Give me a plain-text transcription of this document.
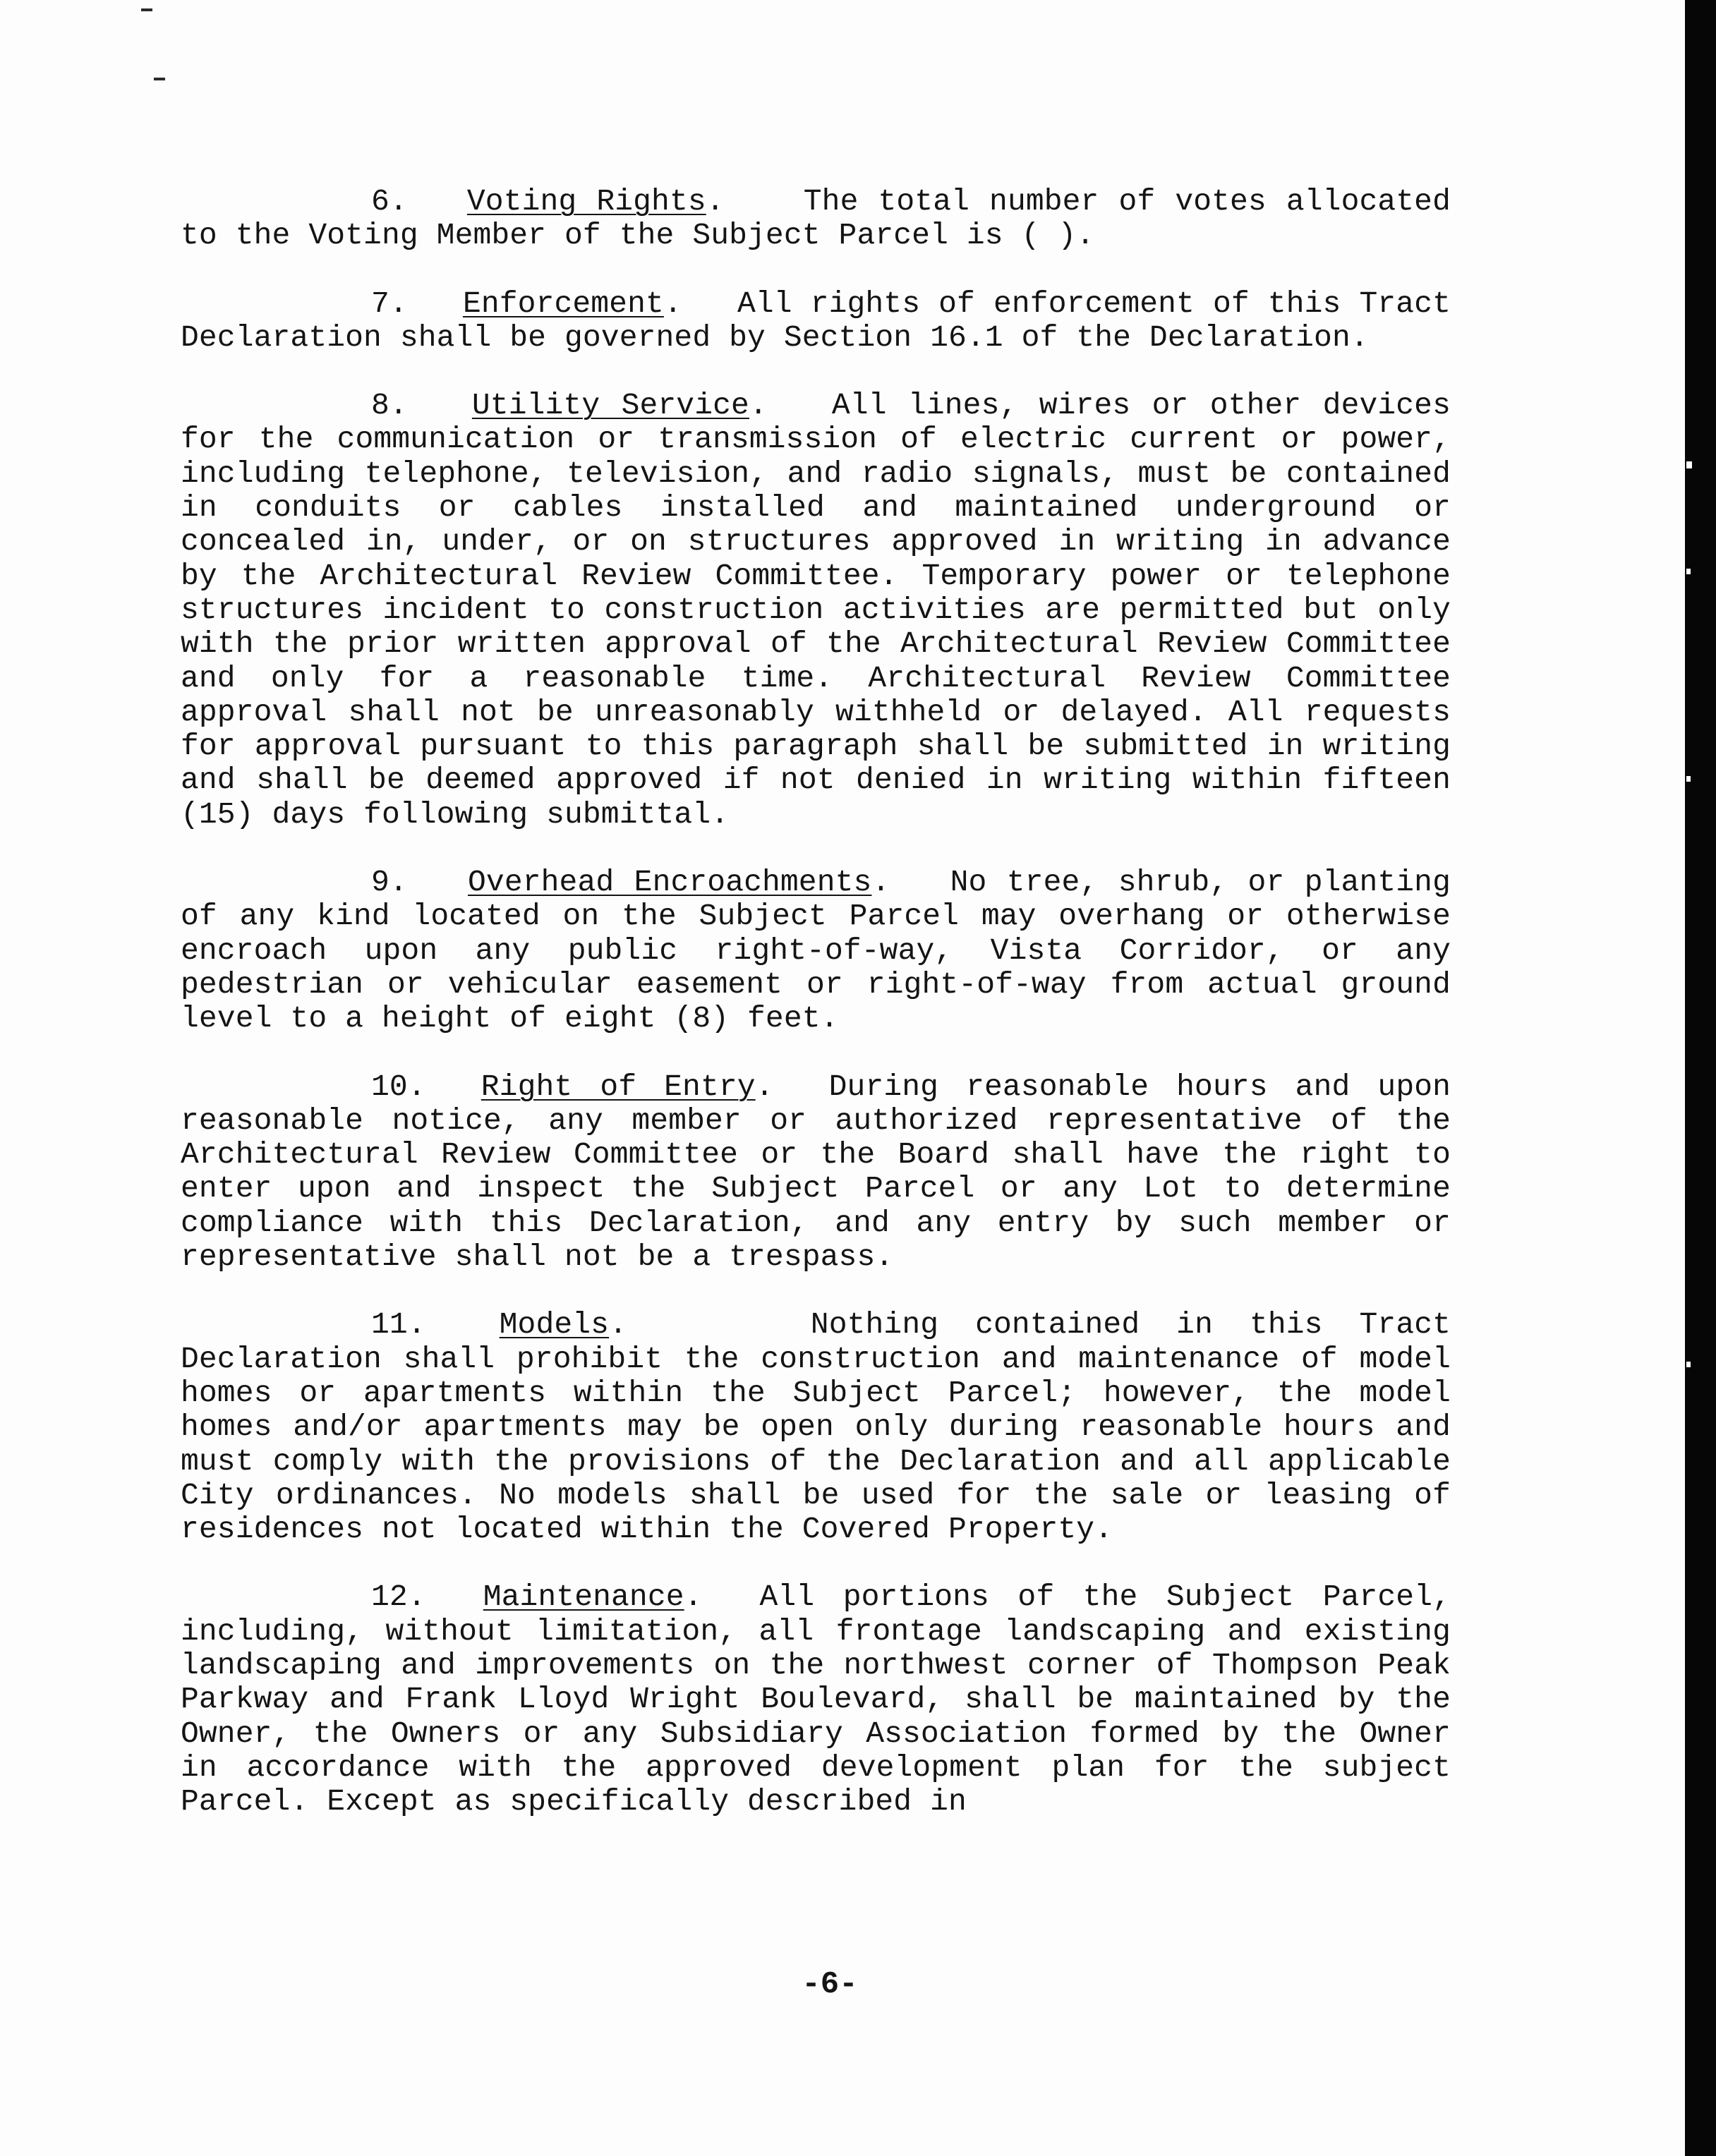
6. Voting Rights.    The total number of votes allocated to the Voting Member of the Subject Parcel is ( ).

7. Enforcement.   All rights of enforcement of this Tract Declaration shall be governed by Section 16.1 of the Declaration.

8. Utility Service.   All lines, wires or other devices for the communication or transmission of electric current or power, including telephone, television, and radio signals, must be contained in conduits or cables installed and maintained underground or concealed in, under, or on structures approved in writing in advance by the Architectural Review Committee. Temporary power or telephone structures incident to construction activities are permitted but only with the prior written approval of the Architectural Review Committee and only for a reasonable time. Architectural Review Committee approval shall not be unreasonably withheld or delayed. All requests for approval pursuant to this paragraph shall be submitted in writing and shall be deemed approved if not denied in writing within fifteen (15) days following submittal.

9. Overhead Encroachments.   No tree, shrub, or planting of any kind located on the Subject Parcel may overhang or otherwise encroach upon any public right-of-way, Vista Corridor, or any pedestrian or vehicular easement or right-of-way from actual ground level to a height of eight (8) feet.

10. Right of Entry.  During reasonable hours and upon reasonable notice, any member or authorized representative of the Architectural Review Committee or the Board shall have the right to enter upon and inspect the Subject Parcel or any Lot to determine compliance with this Declaration, and any entry by such member or representative shall not be a trespass.

11. Models.     Nothing contained in this Tract Declaration shall prohibit the construction and maintenance of model homes or apartments within the Subject Parcel; however, the model homes and/or apartments may be open only during reasonable hours and must comply with the provisions of the Declaration and all applicable City ordinances. No models shall be used for the sale or leasing of residences not located within the Covered Property.

12. Maintenance.  All portions of the Subject Parcel, including, without limitation, all frontage landscaping and existing landscaping and improvements on the northwest corner of Thompson Peak Parkway and Frank Lloyd Wright Boulevard, shall be maintained by the Owner, the Owners or any Subsidiary Association formed by the Owner in accordance with the approved development plan for the subject Parcel. Except as specifically described in

-6-
